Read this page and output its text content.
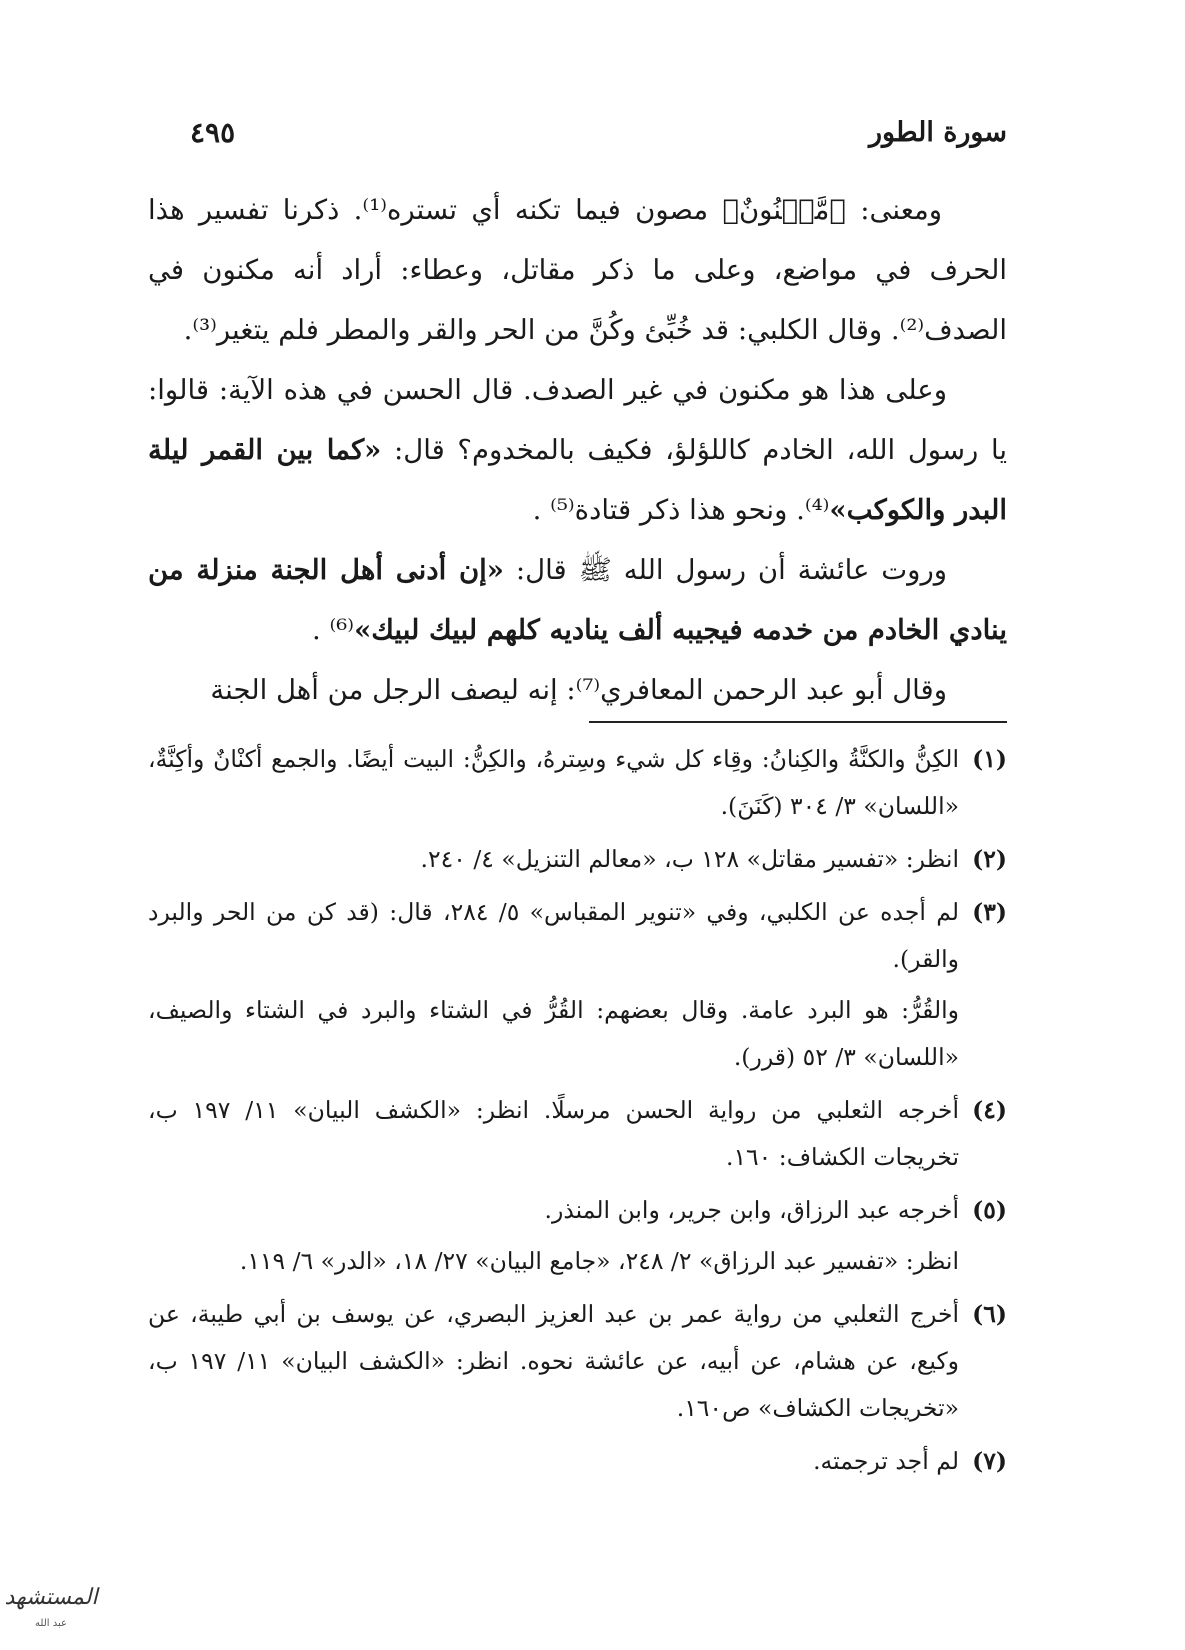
سورة الطور
٤٩٥

ومعنى: ﴿مَّكۡنُونٌ﴾ مصون فيما تكنه أي تستره⁽¹⁾. ذكرنا تفسير هذا الحرف في مواضع، وعلى ما ذكر مقاتل، وعطاء: أراد أنه مكنون في الصدف⁽²⁾. وقال الكلبي: قد خُبِّئ وكُنَّ من الحر والقر والمطر فلم يتغير⁽³⁾.

وعلى هذا هو مكنون في غير الصدف. قال الحسن في هذه الآية: قالوا: يا رسول الله، الخادم كاللؤلؤ، فكيف بالمخدوم؟ قال: «كما بين القمر ليلة البدر والكوكب»⁽⁴⁾. ونحو هذا ذكر قتادة⁽⁵⁾ .

وروت عائشة أن رسول الله ﷺ قال: «إن أدنى أهل الجنة منزلة من ينادي الخادم من خدمه فيجيبه ألف يناديه كلهم لبيك لبيك»⁽⁶⁾ .

وقال أبو عبد الرحمن المعافري⁽⁷⁾: إنه ليصف الرجل من أهل الجنة

(١)

الكِنُّ والكنَّةُ والكِنانُ: وقِاء كل شيء وسِترهُ، والكِنُّ: البيت أيضًا. والجمع أكنْانٌ وأكِنَّةٌ، «اللسان» ٣/ ٣٠٤ (كَنَنَ).

(٢)

انظر: «تفسير مقاتل» ١٢٨ ب، «معالم التنزيل» ٤/ ٢٤٠.

(٣)

لم أجده عن الكلبي، وفي «تنوير المقباس» ٥/ ٢٨٤، قال: (قد كن من الحر والبرد والقر).

والقُرُّ: هو البرد عامة. وقال بعضهم: القُرُّ في الشتاء والبرد في الشتاء والصيف، «اللسان» ٣/ ٥٢ (قرر).

(٤)

أخرجه الثعلبي من رواية الحسن مرسلًا. انظر: «الكشف البيان» ١١/ ١٩٧ ب، تخريجات الكشاف: ١٦٠.

(٥)

أخرجه عبد الرزاق، وابن جرير، وابن المنذر.

انظر: «تفسير عبد الرزاق» ٢/ ٢٤٨، «جامع البيان» ٢٧/ ١٨، «الدر» ٦/ ١١٩.

(٦)

أخرج الثعلبي من رواية عمر بن عبد العزيز البصري، عن يوسف بن أبي طيبة، عن وكيع، عن هشام، عن أبيه، عن عائشة نحوه. انظر: «الكشف البيان» ١١/ ١٩٧ ب، «تخريجات الكشاف» ص١٦٠.

(٧)

لم أجد ترجمته.

المستشهد
عبد الله
